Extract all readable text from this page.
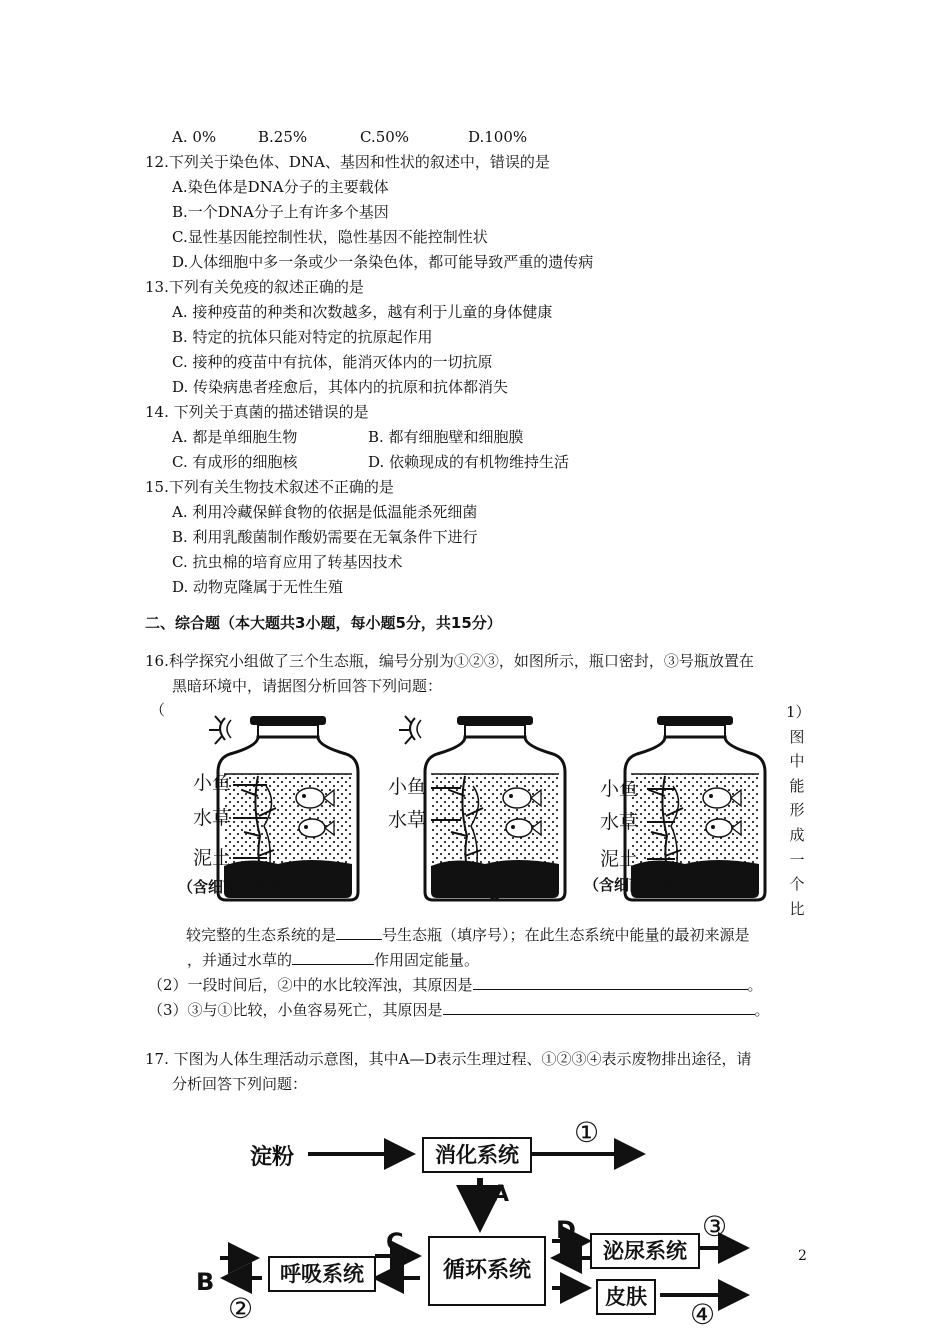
A. 0%	B.25%	C.50%	D.100%
12.下列关于染色体、DNA、基因和性状的叙述中，错误的是
A.染色体是DNA分子的主要载体
B.一个DNA分子上有许多个基因
C.显性基因能控制性状，隐性基因不能控制性状
D.人体细胞中多一条或少一条染色体，都可能导致严重的遗传病
13.下列有关免疫的叙述正确的是
A. 接种疫苗的种类和次数越多，越有利于儿童的身体健康
B. 特定的抗体只能对特定的抗原起作用
C. 接种的疫苗中有抗体，能消灭体内的一切抗原
D. 传染病患者痊愈后，其体内的抗原和抗体都消失
14. 下列关于真菌的描述错误的是
A. 都是单细胞生物	B. 都有细胞壁和细胞膜
C. 有成形的细胞核	D. 依赖现成的有机物维持生活
15.下列有关生物技术叙述不正确的是
A. 利用冷藏保鲜食物的依据是低温能杀死细菌
B. 利用乳酸菌制作酸奶需要在无氧条件下进行
C. 抗虫棉的培育应用了转基因技术
D. 动物克隆属于无性生殖
二、综合题（本大题共3小题，每小题5分，共15分）
16.科学探究小组做了三个生态瓶，编号分别为①②③，如图所示，瓶口密封，③号瓶放置在
黑暗环境中，请据图分析回答下列问题：
（	1）
图
中
能
形
成
一
个
比
小鱼
水草
泥土
（含细菌、真菌） ①
小鱼
水草
②
小鱼
水草
泥土
（含细菌、真菌） ③
较完整的生态系统的是	号生态瓶（填序号）；在此生态系统中能量的最初来源是
，并通过水草的	作用固定能量。
（2）一段时间后，②中的水比较浑浊，其原因是	。
（3）③与①比较，小鱼容易死亡，其原因是	。
17. 下图为人体生理活动示意图，其中A—D表示生理过程、①②③④表示废物排出途径，请
分析回答下列问题：
淀粉	消化系统
①
A
呼吸系统	循环系统
泌尿系统
皮肤
C
B
D
②
③
④
2
